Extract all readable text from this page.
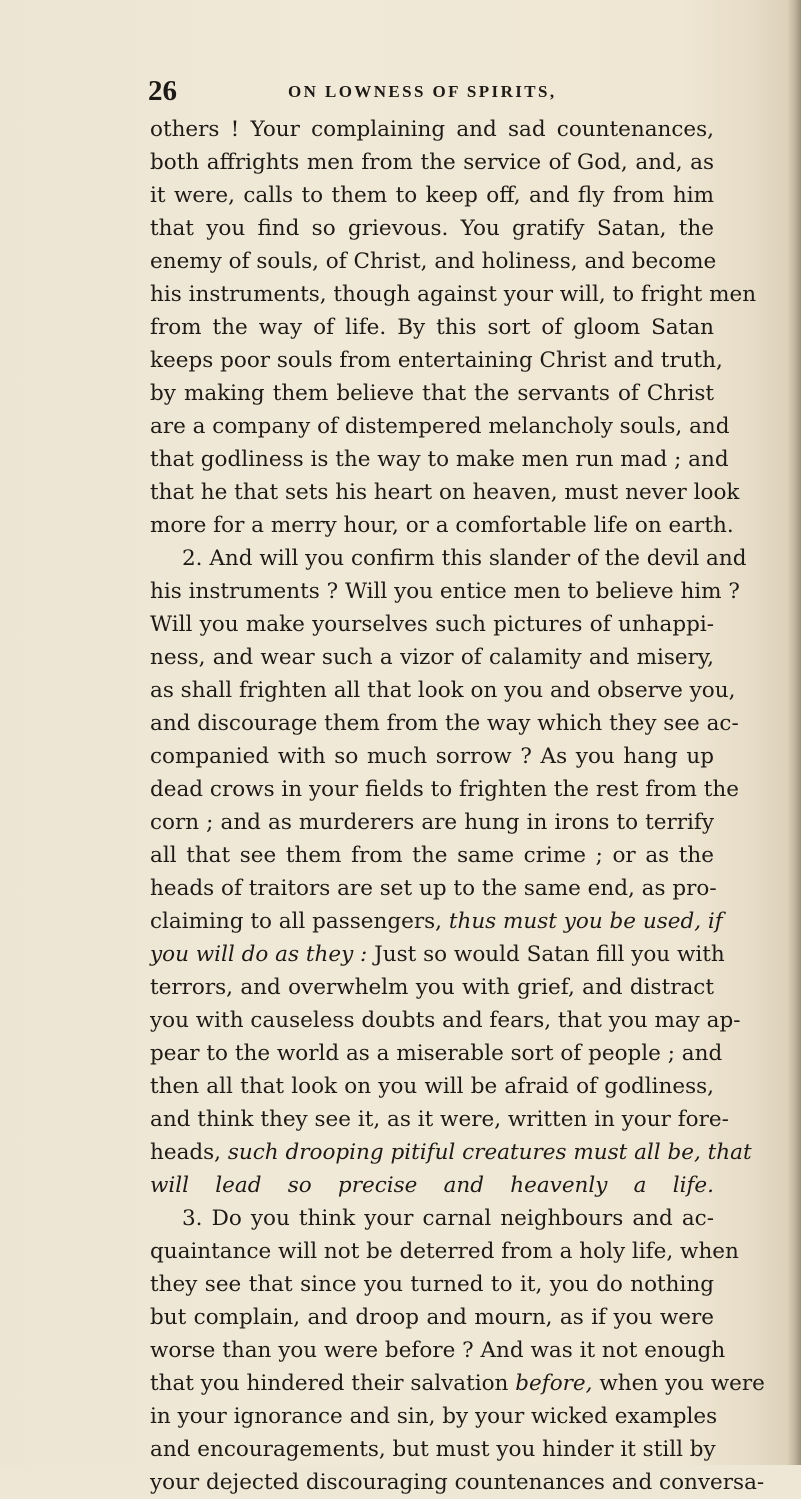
26	ON LOWNESS OF SPIRITS,
others ! Your complaining and sad countenances,
both affrights men from the service of God, and, as
it were, calls to them to keep off, and fly from him
that you find so grievous. You gratify Satan, the
enemy of souls, of Christ, and holiness, and become
his instruments, though against your will, to fright men
from the way of life. By this sort of gloom Satan
keeps poor souls from entertaining Christ and truth,
by making them believe that the servants of Christ
are a company of distempered melancholy souls, and
that godliness is the way to make men run mad ; and
that he that sets his heart on heaven, must never look
more for a merry hour, or a comfortable life on earth.
2. And will you confirm this slander of the devil and
his instruments ? Will you entice men to believe him ?
Will you make yourselves such pictures of unhappi-
ness, and wear such a vizor of calamity and misery,
as shall frighten all that look on you and observe you,
and discourage them from the way which they see ac-
companied with so much sorrow ? As you hang up
dead crows in your fields to frighten the rest from the
corn ; and as murderers are hung in irons to terrify
all that see them from the same crime ; or as the
heads of traitors are set up to the same end, as pro-
claiming to all passengers, thus must you be used, if
you will do as they : Just so would Satan fill you with
terrors, and overwhelm you with grief, and distract
you with causeless doubts and fears, that you may ap-
pear to the world as a miserable sort of people ; and
then all that look on you will be afraid of godliness,
and think they see it, as it were, written in your fore-
heads, such drooping pitiful creatures must all be, that
will lead so precise and heavenly a life.
3. Do you think your carnal neighbours and ac-
quaintance will not be deterred from a holy life, when
they see that since you turned to it, you do nothing
but complain, and droop and mourn, as if you were
worse than you were before ? And was it not enough
that you hindered their salvation before, when you were
in your ignorance and sin, by your wicked examples
and encouragements, but must you hinder it still by
your dejected discouraging countenances and conversa-
